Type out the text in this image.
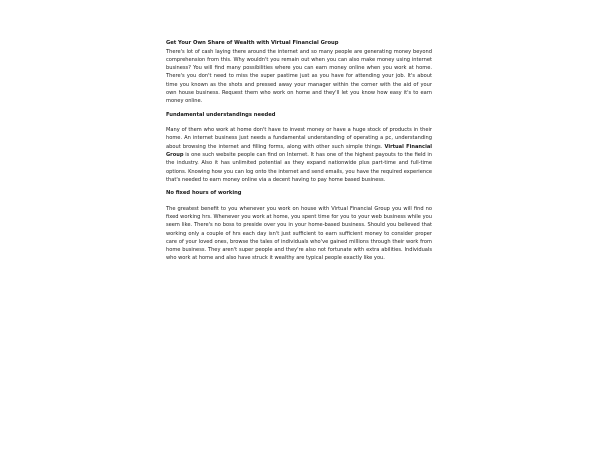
Get Your Own Share of Wealth with Virtual Financial Group

There's lot of cash laying there around the internet and so many people are generating money beyond comprehension from this. Why wouldn't you remain out when you can also make money using internet business? You will find many possibilities where you can earn money online when you work at home. There's you don't need to miss the super pastime just as you have for attending your job. It's about time you known as the shots and pressed away your manager within the corner with the aid of your own house business. Request them who work on home and they'll let you know how easy it's to earn money online.

Fundamental understandings needed

Many of them who work at home don't have to invest money or have a huge stock of products in their home. An internet business just needs a fundamental understanding of operating a pc, understanding about browsing the internet and filling forms, along with other such simple things. Virtual Financial Group is one such website people can find on Internet. It has one of the highest payouts to the field in the industry. Also it has unlimited potential as they expand nationwide plus part-time and full-time options. Knowing how you can log onto the internet and send emails, you have the required experience that's needed to earn money online via a decent having to pay home based business.

No fixed hours of working

The greatest benefit to you whenever you work on house with Virtual Financial Group you will find no fixed working hrs. Whenever you work at home, you spent time for you to your web business while you seem like. There's no boss to preside over you in your home-based business. Should you believed that working only a couple of hrs each day isn't just sufficient to earn sufficient money to consider proper care of your loved ones, browse the tales of individuals who've gained millions through their work from home business. They aren't super people and they're also not fortunate with extra abilities. Individuals who work at home and also have struck it wealthy are typical people exactly like you.
